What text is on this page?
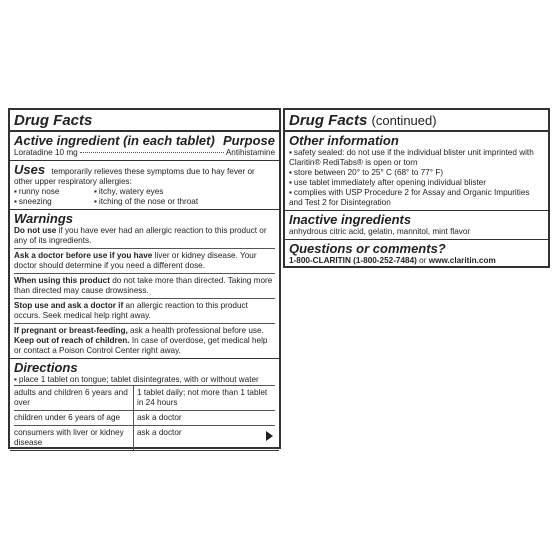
Drug Facts
Active ingredient (in each tablet) Purpose
Loratadine 10 mg	Antihistamine
Uses temporarily relieves these symptoms due to hay fever or other upper respiratory allergies:
▪ runny nose	▪ itchy, watery eyes
▪ sneezing	▪ itching of the nose or throat
Warnings

Do not use if you have ever had an allergic reaction to this product or any of its ingredients.

Ask a doctor before use if you have liver or kidney disease. Your doctor should determine if you need a different dose.

When using this product do not take more than directed. Taking more than directed may cause drowsiness.

Stop use and ask a doctor if an allergic reaction to this product occurs. Seek medical help right away.

If pregnant or breast-feeding, ask a health professional before use.

Keep out of reach of children. In case of overdose, get medical help or contact a Poison Control Center right away.

Directions
▪ place 1 tablet on tongue; tablet disintegrates, with or without water
adults and children 6 years and over	1 tablet daily; not more than 1 tablet in 24 hours
children under 6 years of age	ask a doctor
consumers with liver or kidney disease	ask a doctor
Drug Facts (continued)
Other information
▪ safety sealed: do not use if the individual blister unit imprinted with Claritin® RediTabs® is open or torn
▪ store between 20° to 25° C (68° to 77° F)
▪ use tablet immediately after opening individual blister
▪ complies with USP Procedure 2 for Assay and Organic Impurities and Test 2 for Disintegration
Inactive ingredients
anhydrous citric acid, gelatin, mannitol, mint flavor
Questions or comments?
1-800-CLARITIN (1-800-252-7484) or www.claritin.com
